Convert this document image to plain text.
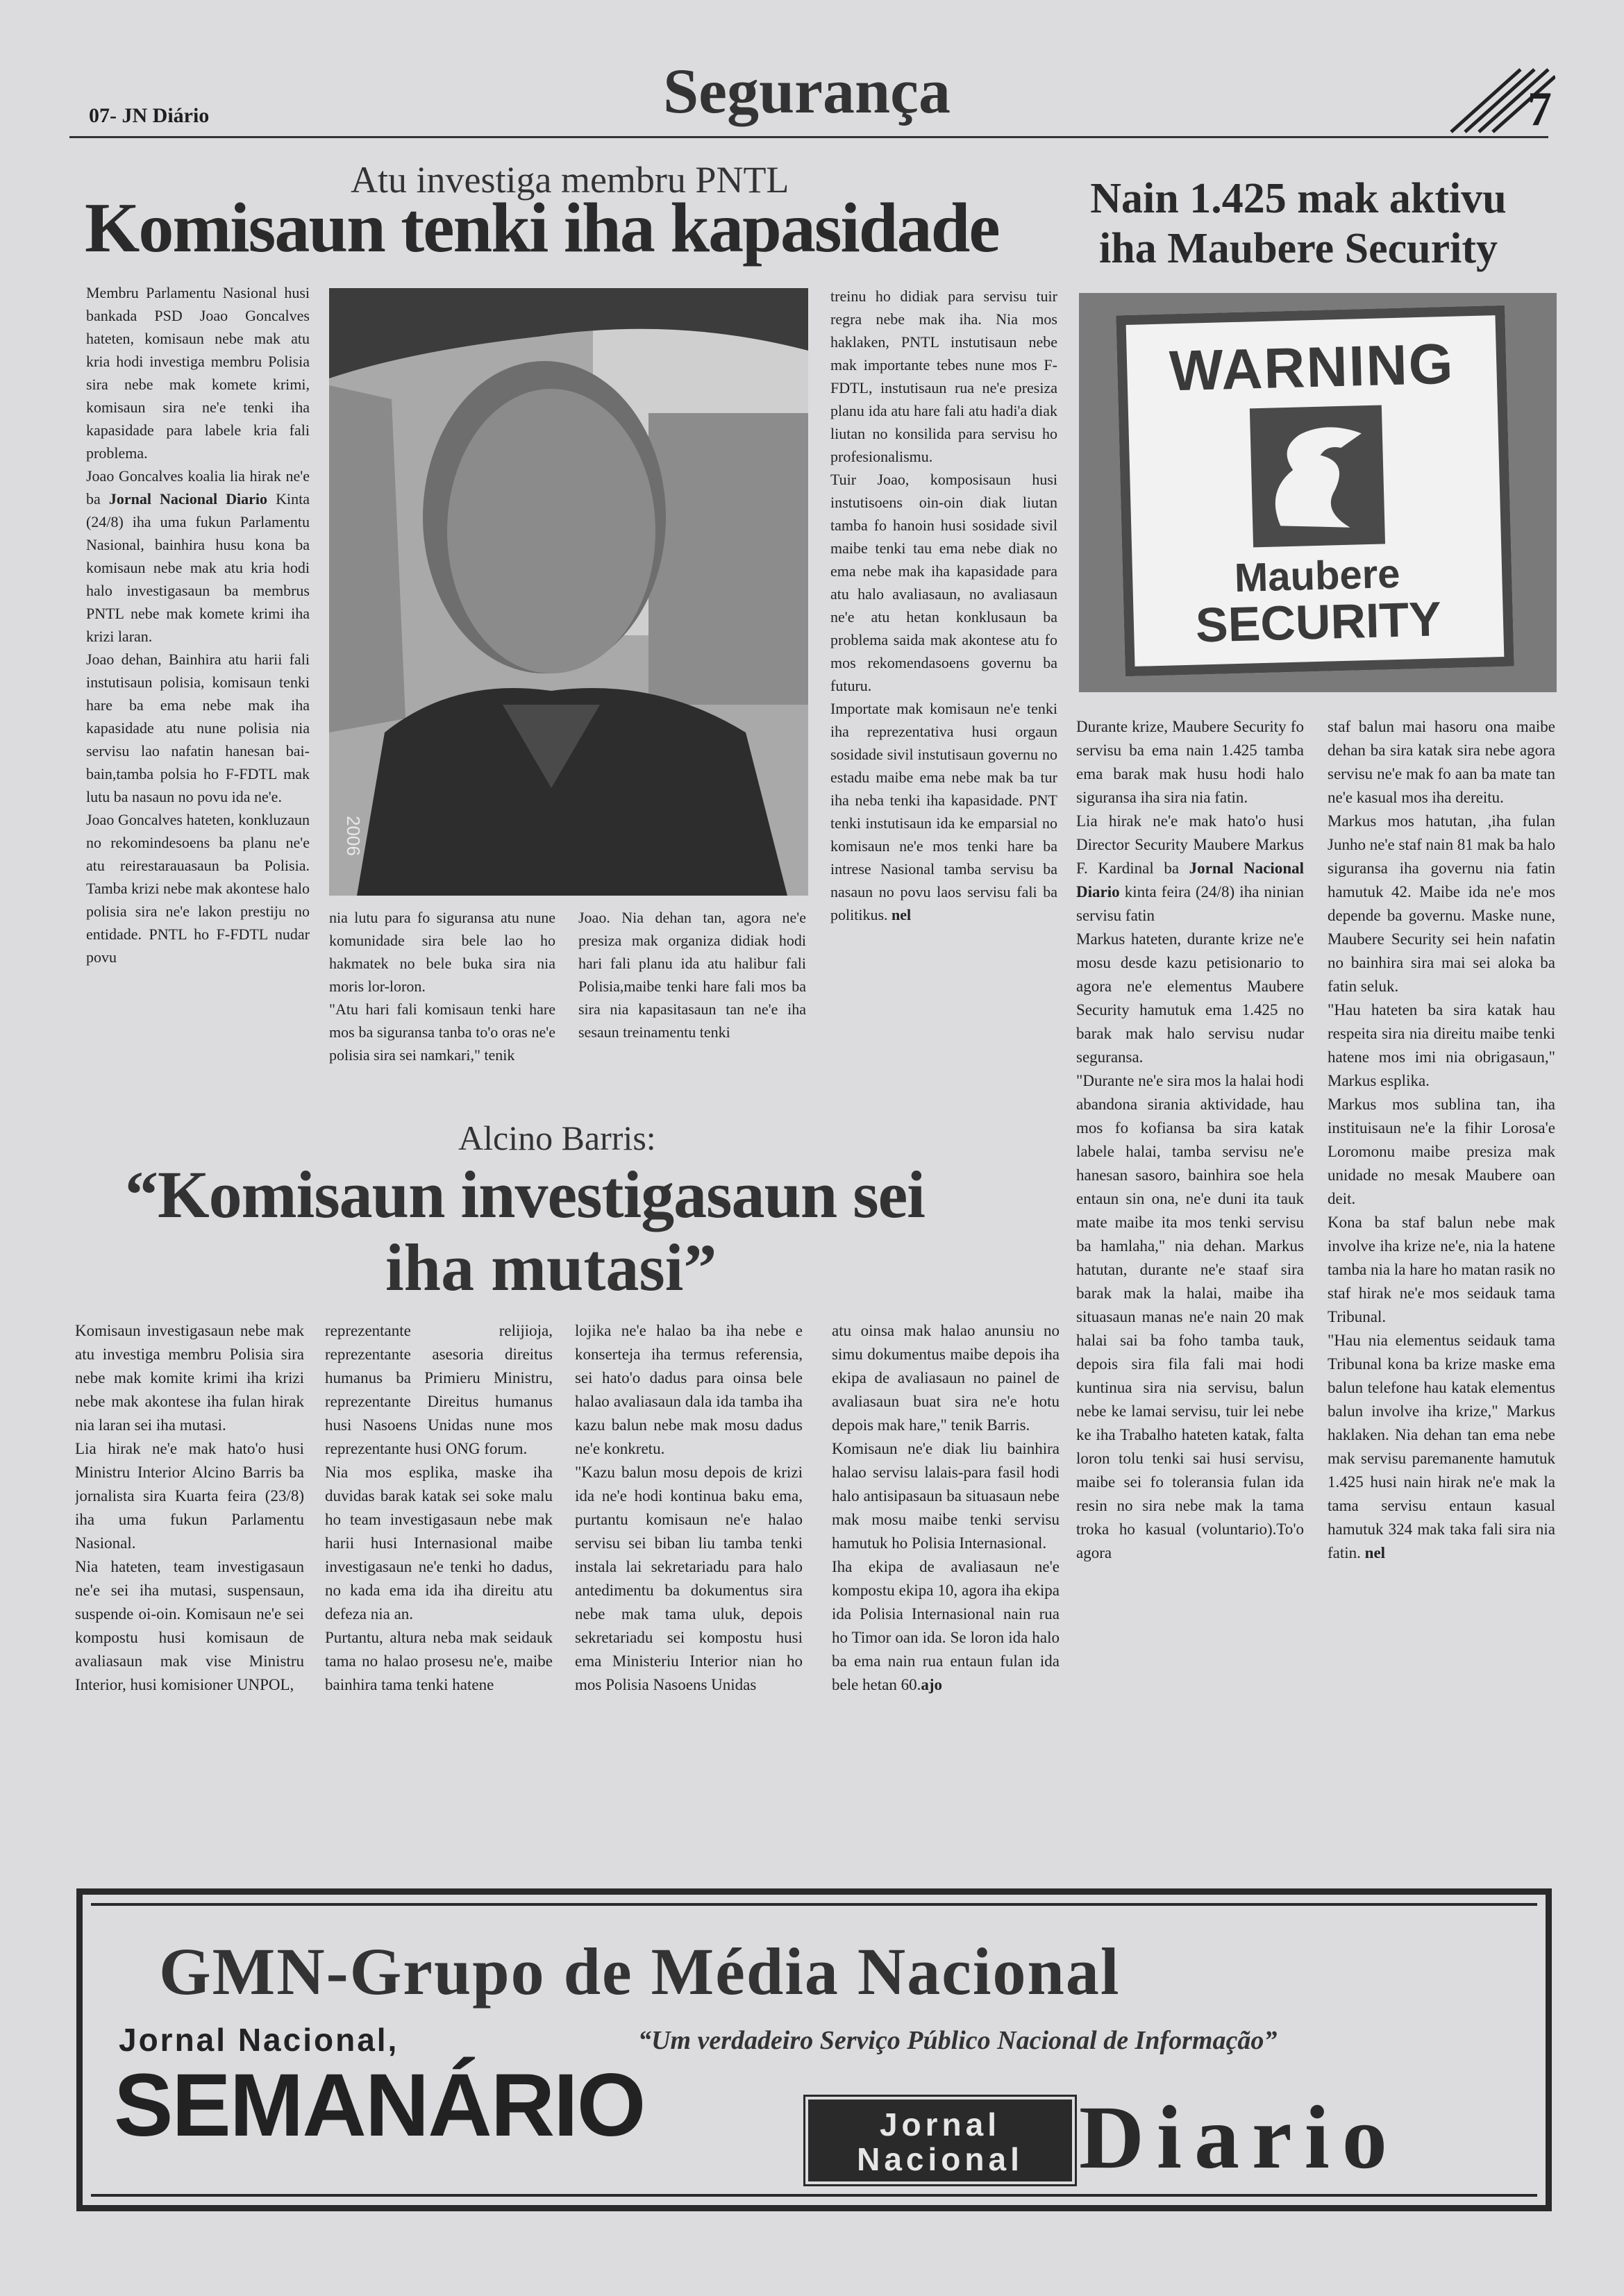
07- JN Diário	Segurança	7
Atu investiga membru PNTL
Komisaun tenki iha kapasidade

Membru Parlamentu Nasional husi bankada PSD Joao Goncalves hateten, komisaun nebe mak atu kria hodi investiga membru Polisia sira nebe mak komete krimi, komisaun sira ne'e tenki iha kapasidade para labele kria fali problema.

Joao Goncalves koalia lia hirak ne'e ba Jornal Nacional Diario Kinta (24/8) iha uma fukun Parlamentu Nasional, bainhira husu kona ba komisaun nebe mak atu kria hodi halo investigasaun ba membrus PNTL nebe mak komete krimi iha krizi laran.

Joao dehan, Bainhira atu harii fali instutisaun polisia, komisaun tenki hare ba ema nebe mak iha kapasidade atu nune polisia nia servisu lao nafatin hanesan bai-bain,tamba polsia ho F-FDTL mak lutu ba nasaun no povu ida ne'e.

Joao Goncalves hateten, konkluzaun no rekomindesoens ba planu ne'e atu reirestarauasaun ba Polisia. Tamba krizi nebe mak akontese halo polisia sira ne'e lakon prestiju no entidade. PNTL ho F-FDTL nudar povu

2006

nia lutu para fo siguransa atu nune komunidade sira bele lao ho hakmatek no bele buka sira nia moris lor-loron.

"Atu hari fali komisaun tenki hare mos ba siguransa tanba to'o oras ne'e polisia sira sei namkari," tenik

Joao. Nia dehan tan, agora ne'e presiza mak organiza didiak hodi hari fali planu ida atu halibur fali Polisia,maibe tenki hare fali mos ba sira nia kapasitasaun tan ne'e iha sesaun treinamentu tenki

treinu ho didiak para servisu tuir regra nebe mak iha. Nia mos haklaken, PNTL instutisaun nebe mak importante tebes nune mos F-FDTL, instutisaun rua ne'e presiza planu ida atu hare fali atu hadi'a diak liutan no konsilida para servisu ho profesionalismu.

Tuir Joao, komposisaun husi instutisoens oin-oin diak liutan tamba fo hanoin husi sosidade sivil maibe tenki tau ema nebe diak no ema nebe mak iha kapasidade para atu halo avaliasaun, no avaliasaun ne'e atu hetan konklusaun ba problema saida mak akontese atu fo mos rekomendasoens governu ba futuru.

Importate mak komisaun ne'e tenki iha reprezentativa husi orgaun sosidade sivil instutisaun governu no estadu maibe ema nebe mak ba tur iha neba tenki iha kapasidade. PNT tenki instutisaun ida ke emparsial no komisaun ne'e mos tenki hare ba intrese Nasional tamba servisu ba nasaun no povu laos servisu fali ba politikus. nel

Nain 1.425 mak aktivu iha Maubere Security
WARNING
Maubere
SECURITY

Durante krize, Maubere Security fo servisu ba ema nain 1.425 tamba ema barak mak husu hodi halo siguransa iha sira nia fatin.

Lia hirak ne'e mak hato'o husi Director Security Maubere Markus F. Kardinal ba Jornal Nacional Diario kinta feira (24/8) iha ninian servisu fatin

Markus hateten, durante krize ne'e mosu desde kazu petisionario to agora ne'e elementus Maubere Security hamutuk ema 1.425 no barak mak halo servisu nudar seguransa.

"Durante ne'e sira mos la halai hodi abandona sirania aktividade, hau mos fo kofiansa ba sira katak labele halai, tamba servisu ne'e hanesan sasoro, bainhira soe hela entaun sin ona, ne'e duni ita tauk mate maibe ita mos tenki servisu ba hamlaha," nia dehan. Markus hatutan, durante ne'e staaf sira barak mak la halai, maibe iha situasaun manas ne'e nain 20 mak halai sai ba foho tamba tauk, depois sira fila fali mai hodi kuntinua sira nia servisu, balun nebe ke lamai servisu, tuir lei nebe ke iha Trabalho hateten katak, falta loron tolu tenki sai husi servisu, maibe sei fo toleransia fulan ida resin no sira nebe mak la tama troka ho kasual (voluntario).To'o agora

staf balun mai hasoru ona maibe dehan ba sira katak sira nebe agora servisu ne'e mak fo aan ba mate tan ne'e kasual mos iha dereitu.

Markus mos hatutan, ,iha fulan Junho ne'e staf nain 81 mak ba halo siguransa iha governu nia fatin hamutuk 42. Maibe ida ne'e mos depende ba governu. Maske nune, Maubere Security sei hein nafatin no bainhira sira mai sei aloka ba fatin seluk.

"Hau hateten ba sira katak hau respeita sira nia direitu maibe tenki hatene mos imi nia obrigasaun," Markus esplika.

Markus mos sublina tan, iha instituisaun ne'e la fihir Lorosa'e Loromonu maibe presiza mak unidade no mesak Maubere oan deit.

Kona ba staf balun nebe mak involve iha krize ne'e, nia la hatene tamba nia la hare ho matan rasik no staf hirak ne'e mos seidauk tama Tribunal.

"Hau nia elementus seidauk tama Tribunal kona ba krize maske ema balun telefone hau katak elementus balun involve iha krize," Markus haklaken. Nia dehan tan ema nebe mak servisu paremanente hamutuk 1.425 husi nain hirak ne'e mak la tama servisu entaun kasual hamutuk 324 mak taka fali sira nia fatin. nel

Alcino Barris:
“Komisaun investigasaun sei
iha mutasi”

Komisaun investigasaun nebe mak atu investiga membru Polisia sira nebe mak komite krimi iha krizi nebe mak akontese iha fulan hirak nia laran sei iha mutasi.

Lia hirak ne'e mak hato'o husi Ministru Interior Alcino Barris ba jornalista sira Kuarta feira (23/8) iha uma fukun Parlamentu Nasional.

Nia hateten, team investigasaun ne'e sei iha mutasi, suspensaun, suspende oi-oin. Komisaun ne'e sei kompostu husi komisaun de avaliasaun mak vise Ministru Interior, husi komisioner UNPOL,

reprezentante relijioja, reprezentante asesoria direitus humanus ba Primieru Ministru, reprezentante Direitus humanus husi Nasoens Unidas nune mos reprezentante husi ONG forum.

Nia mos esplika, maske iha duvidas barak katak sei soke malu ho team investigasaun nebe mak harii husi Internasional maibe investigasaun ne'e tenki ho dadus, no kada ema ida iha direitu atu defeza nia an.

Purtantu, altura neba mak seidauk tama no halao prosesu ne'e, maibe bainhira tama tenki hatene

lojika ne'e halao ba iha nebe e konserteja iha termus referensia, sei hato'o dadus para oinsa bele halao avaliasaun dala ida tamba iha kazu balun nebe mak mosu dadus ne'e konkretu.

"Kazu balun mosu depois de krizi ida ne'e hodi kontinua baku ema, purtantu komisaun ne'e halao servisu sei biban liu tamba tenki instala lai sekretariadu para halo antedimentu ba dokumentus sira nebe mak tama uluk, depois sekretariadu sei kompostu husi ema Ministeriu Interior nian ho mos Polisia Nasoens Unidas

atu oinsa mak halao anunsiu no simu dokumentus maibe depois iha ekipa de avaliasaun no painel de avaliasaun buat sira ne'e hotu depois mak hare," tenik Barris.

Komisaun ne'e diak liu bainhira halao servisu lalais-para fasil hodi halo antisipasaun ba situasaun nebe mak mosu maibe tenki servisu hamutuk ho Polisia Internasional.

Iha ekipa de avaliasaun ne'e kompostu ekipa 10, agora iha ekipa ida Polisia Internasional nain rua ho Timor oan ida. Se loron ida halo ba ema nain rua entaun fulan ida bele hetan 60.ajo

GMN-Grupo de Média Nacional
Jornal Nacional,
SEMANÁRIO
“Um verdadeiro Serviço Público Nacional de Informação”
Jornal
Nacional Diario
